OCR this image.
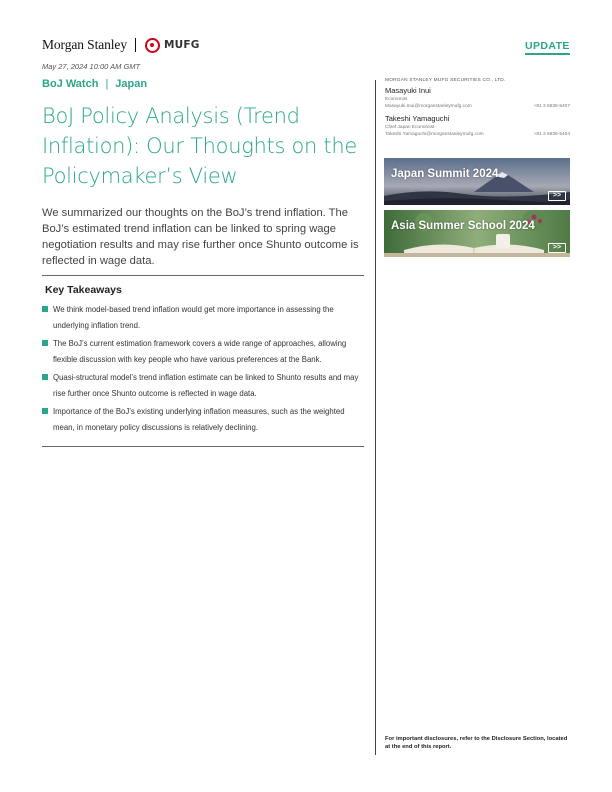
Morgan Stanley	MUFG	UPDATE
May 27, 2024 10:00 AM GMT
BoJ Watch | Japan
BoJ Policy Analysis (Trend Inflation): Our Thoughts on the Policymaker’s View

We summarized our thoughts on the BoJ’s trend inflation. The BoJ’s estimated trend inflation can be linked to spring wage negotiation results and may rise further once Shunto outcome is reflected in wage data.

Key Takeaways
We think model-based trend inflation would get more importance in assessing the underlying inflation trend.
The BoJ’s current estimation framework covers a wide range of approaches, allowing flexible discussion with key people who have various preferences at the Bank.
Quasi-structural model’s trend inflation estimate can be linked to Shunto results and may rise further once Shunto outcome is reflected in wage data.
Importance of the BoJ’s existing underlying inflation measures, such as the weighted mean, in monetary policy discussions is relatively declining.
MORGAN STANLEY MUFG SECURITIES CO., LTD.
Masayuki Inui
Economist
Masayuki.Inui@morganstanleymufg.com	+81 3 6836-5407
Takeshi Yamaguchi
Chief Japan Economist
Takeshi.Yamaguchi@morganstanleymufg.com	+81 3 6836-5404
Japan Summit 2024
>>
Asia Summer School 2024
>>
For important disclosures, refer to the Disclosure Section, located at the end of this report.
